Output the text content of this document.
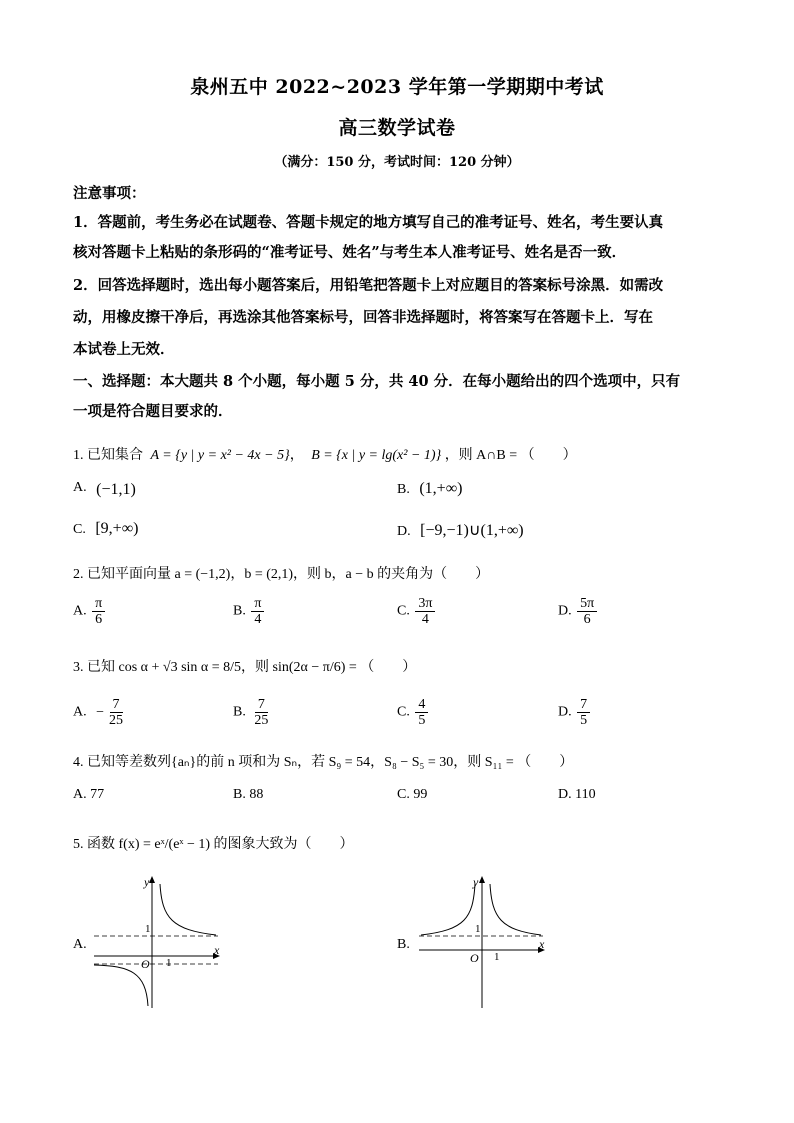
泉州五中 2022~2023 学年第一学期期中考试
高三数学试卷
（满分：150 分，考试时间：120 分钟）
注意事项：
1．答题前，考生务必在试题卷、答题卡规定的地方填写自己的准考证号、姓名，考生要认真
核对答题卡上粘贴的条形码的“准考证号、姓名”与考生本人准考证号、姓名是否一致．
2．回答选择题时，选出每小题答案后，用铅笔把答题卡上对应题目的答案标号涂黑．如需改
动，用橡皮擦干净后，再选涂其他答案标号，回答非选择题时，将答案写在答题卡上．写在
本试卷上无效．
一、选择题：本大题共 8 个小题，每小题 5 分，共 40 分．在每小题给出的四个选项中，只有
一项是符合题目要求的．
1. 已知集合 A = {y | y = x² − 4x − 5}， B = {x | y = lg(x² − 1)} ，则 A∩B = （　　）
A. (−1,1)	B. (1,+∞)
C. [9,+∞)	D. [−9,−1)∪(1,+∞)
2. 已知平面向量 a = (−1,2)，b = (2,1)，则 b，a − b 的夹角为（　　）
A. $\frac{\pi}{6}$	B. $\frac{\pi}{4}$	C. $\frac{3\pi}{4}$	D. $\frac{5\pi}{6}$
3. 已知 cos α + √3 sin α = 8/5，则 sin(2α − π/6) = （　　）
A. − $\frac{7}{25}$	B. $\frac{7}{25}$	C. $\frac{4}{5}$	D. $\frac{7}{5}$
4. 已知等差数列{aₙ}的前 n 项和为 Sₙ，若 S₉ = 54，S₈ − S₅ = 30，则 S₁₁ = （　　）
A. 77	B. 88	C. 99	D. 110
5. 函数 f(x) = eˣ/(eˣ − 1) 的图象大致为（　　）
A.
y
x
O 1
1
B.
y
x
O 1
1
